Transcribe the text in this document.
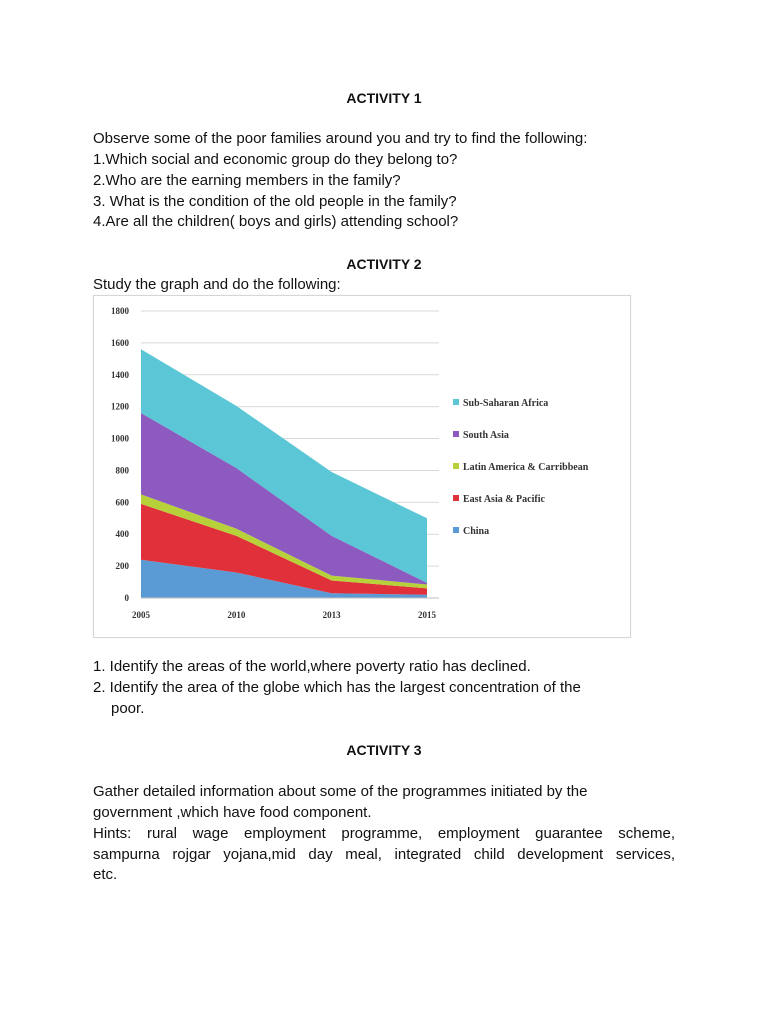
ACTIVITY 1
Observe some of the poor families around you and try to find the following:
1.Which social and economic group do they belong to?
2.Who are the earning members in the family?
3. What is the condition of the old people in the family?
4.Are all the children( boys and girls) attending school?
ACTIVITY 2
Study the graph and do the following:
0
200
400
600
800
1000
1200
1400
1600
1800
2005	2010	2013	2015
Sub-Saharan Africa
South Asia
Latin America & Carribbean
East Asia & Pacific
China
1. Identify the areas of the world,where poverty ratio has declined.
2. Identify the area of the globe which has the largest concentration of the
poor.
ACTIVITY 3
Gather detailed information about some of the programmes initiated by the
government ,which have food component.
Hints: rural wage employment programme, employment guarantee scheme,
sampurna rojgar yojana,mid day meal, integrated child development services,
etc.
